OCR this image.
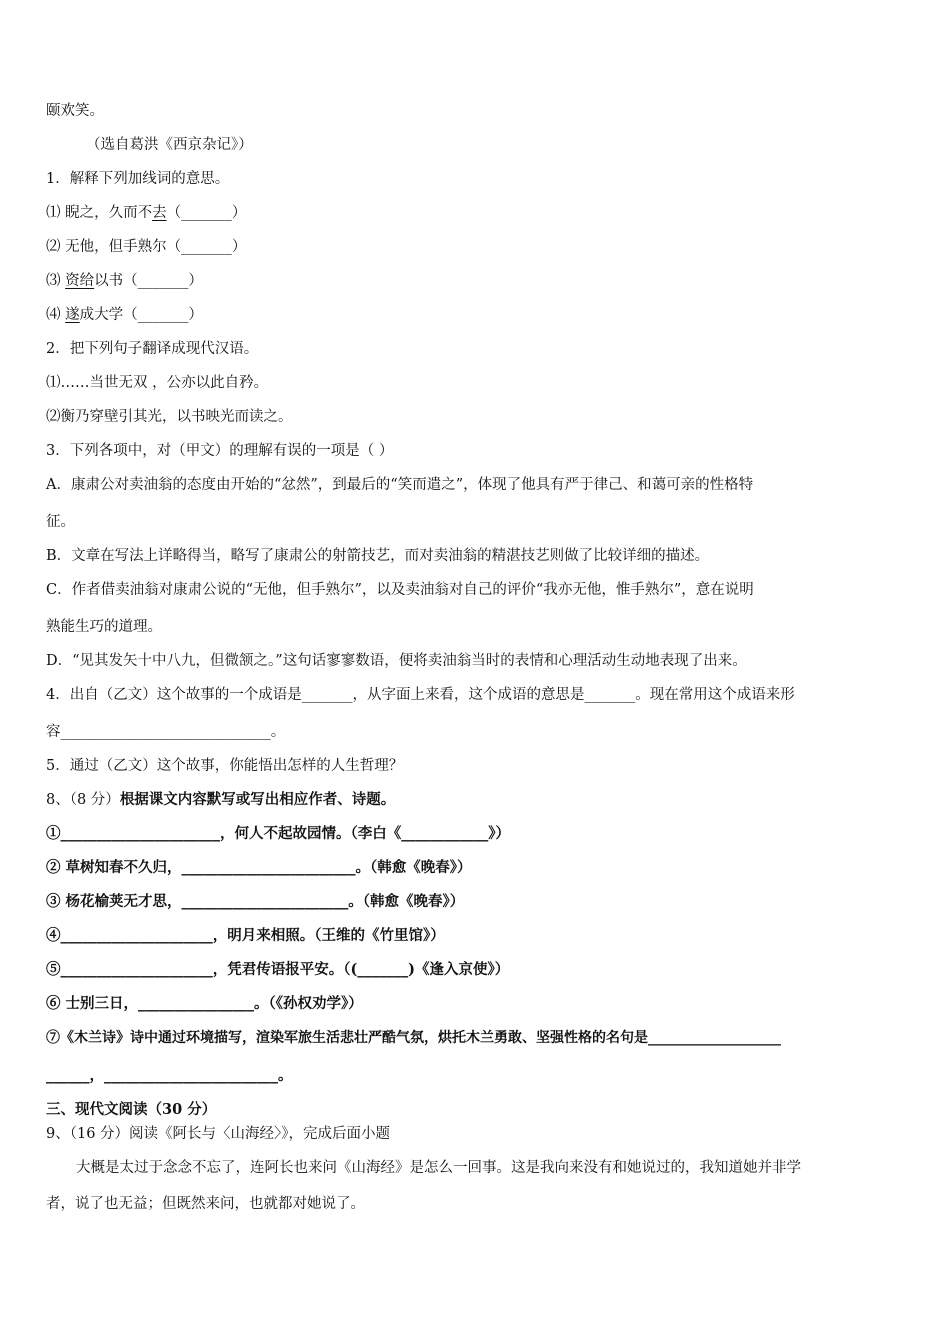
颐欢笑。
（选自葛洪《西京杂记》）
1．解释下列加线词的意思。
⑴ 睨之，久而不去（_______）
⑵ 无他，但手熟尔（_______）
⑶ 资给以书（_______）
⑷ 遂成大学（_______）
2．把下列句子翻译成现代汉语。
⑴……当世无双 ，公亦以此自矜。
⑵衡乃穿壁引其光，以书映光而读之。
3．下列各项中，对（甲文）的理解有误的一项是（ ）
A．康肃公对卖油翁的态度由开始的“忿然”，到最后的“笑而遣之”，体现了他具有严于律己、和蔼可亲的性格特
征。
B．文章在写法上详略得当，略写了康肃公的射箭技艺，而对卖油翁的精湛技艺则做了比较详细的描述。
C．作者借卖油翁对康肃公说的“无他，但手熟尔”，以及卖油翁对自己的评价“我亦无他，惟手熟尔”，意在说明
熟能生巧的道理。
D．“见其发矢十中八九，但微颔之。”这句话寥寥数语，便将卖油翁当时的表情和心理活动生动地表现了出来。
4．出自（乙文）这个故事的一个成语是_______，从字面上来看，这个成语的意思是_______。现在常用这个成语来形
容_____________________________。
5．通过（乙文）这个故事，你能悟出怎样的人生哲理？
8、（8 分）根据课文内容默写或写出相应作者、诗题。
①______________________，何人不起故园情。（李白《____________》）
② 草树知春不久归，________________________。（韩愈《晚春》）
③ 杨花榆荚无才思，_______________________。（韩愈《晚春》）
④_____________________，明月来相照。（王维的《竹里馆》）
⑤_____________________，凭君传语报平安。（(_______)《逢入京使》）
⑥ 士别三日，________________。（《孙权劝学》）
⑦《木兰诗》诗中通过环境描写，渲染军旅生活悲壮严酷气氛，烘托木兰勇敢、坚强性格的名句是___________________
______，________________________。
三、现代文阅读（30 分）
9、（16 分）阅读《阿长与〈山海经〉》，完成后面小题
大概是太过于念念不忘了，连阿长也来问《山海经》是怎么一回事。这是我向来没有和她说过的，我知道她并非学
者，说了也无益；但既然来问，也就都对她说了。
